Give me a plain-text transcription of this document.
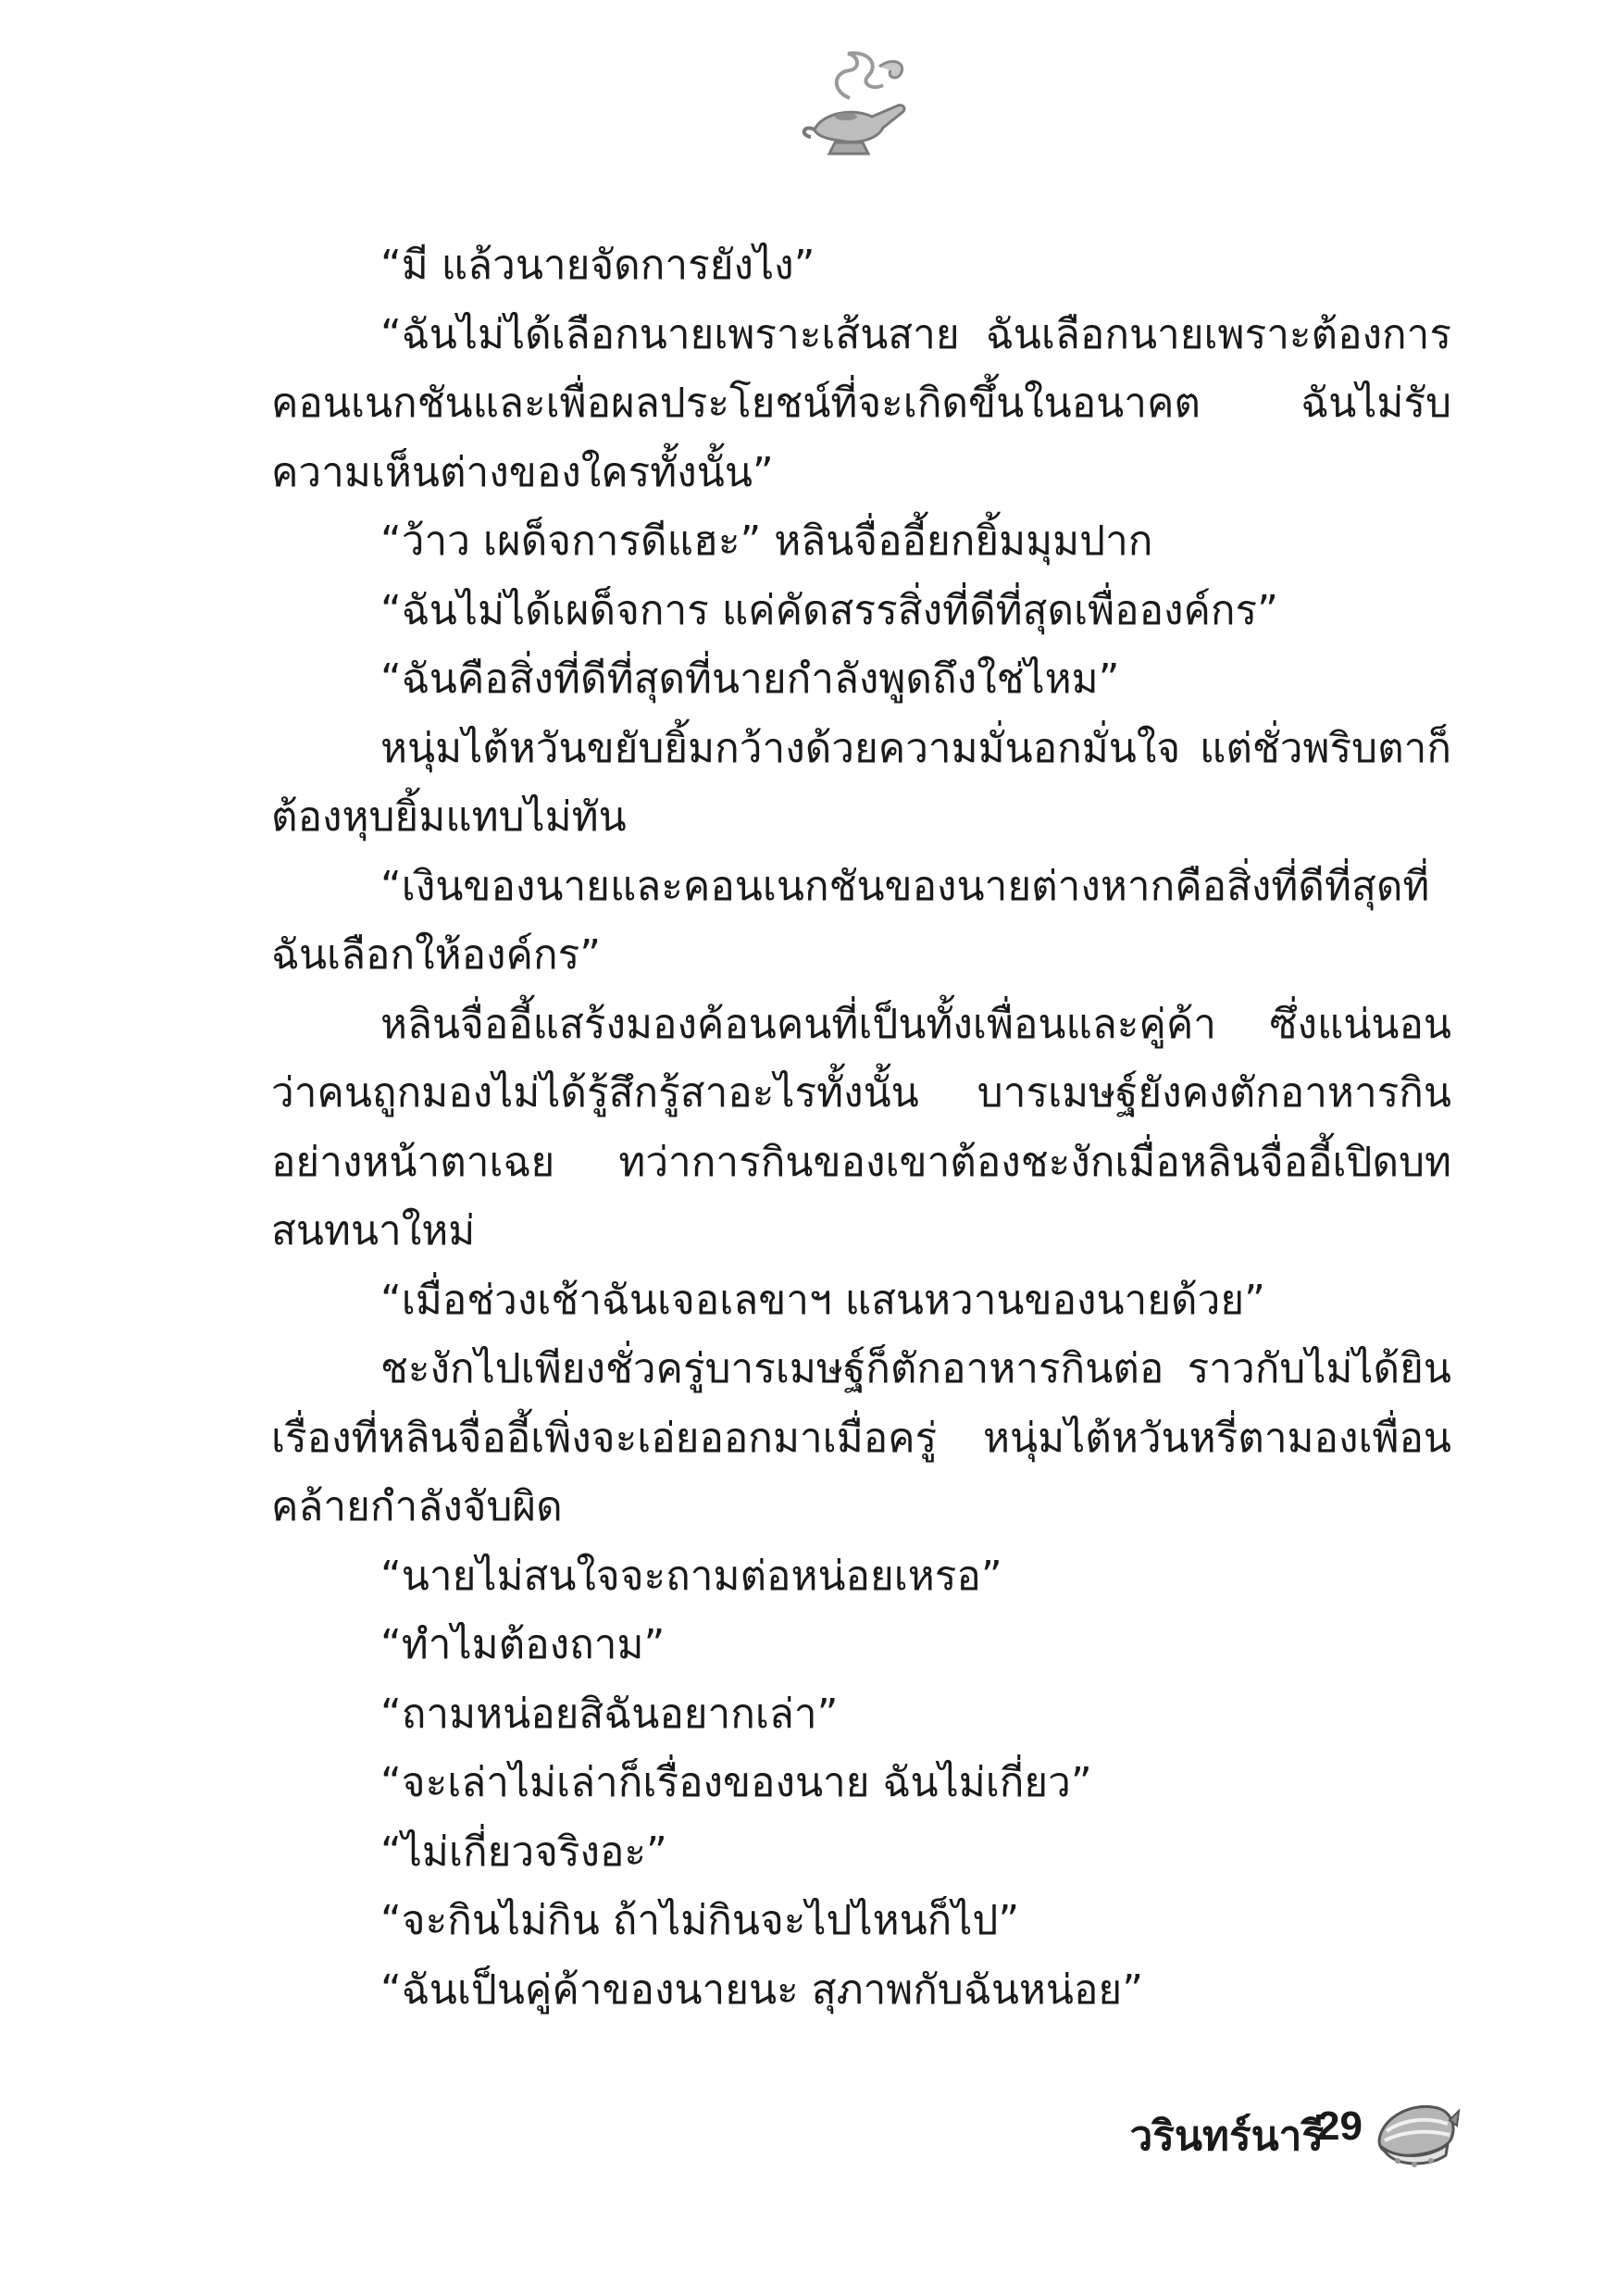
“มี แล้วนายจัดการยังไง”

“ฉันไม่ได้เลือกนายเพราะเส้นสาย ฉันเลือกนายเพราะต้องการคอนเนกชันและเพื่อผลประโยชน์ที่จะเกิดขึ้นในอนาคต ฉันไม่รับความเห็นต่างของใครทั้งนั้น”

“ว้าว เผด็จการดีแฮะ” หลินจื่ออี้ยกยิ้มมุมปาก

“ฉันไม่ได้เผด็จการ แค่คัดสรรสิ่งที่ดีที่สุดเพื่อองค์กร”

“ฉันคือสิ่งที่ดีที่สุดที่นายกำลังพูดถึงใช่ไหม”

หนุ่มไต้หวันขยับยิ้มกว้างด้วยความมั่นอกมั่นใจ แต่ชั่วพริบตาก็ต้องหุบยิ้มแทบไม่ทัน

“เงินของนายและคอนเนกชันของนายต่างหากคือสิ่งที่ดีที่สุดที่ฉันเลือกให้องค์กร”

หลินจื่ออี้แสร้งมองค้อนคนที่เป็นทั้งเพื่อนและคู่ค้า ซึ่งแน่นอนว่าคนถูกมองไม่ได้รู้สึกรู้สาอะไรทั้งนั้น บารเมษฐ์ยังคงตักอาหารกินอย่างหน้าตาเฉย ทว่าการกินของเขาต้องชะงักเมื่อหลินจื่ออี้เปิดบทสนทนาใหม่

“เมื่อช่วงเช้าฉันเจอเลขาฯ แสนหวานของนายด้วย”

ชะงักไปเพียงชั่วครู่บารเมษฐ์ก็ตักอาหารกินต่อ ราวกับไม่ได้ยินเรื่องที่หลินจื่ออี้เพิ่งจะเอ่ยออกมาเมื่อครู่ หนุ่มไต้หวันหรี่ตามองเพื่อนคล้ายกำลังจับผิด

“นายไม่สนใจจะถามต่อหน่อยเหรอ”

“ทำไมต้องถาม”

“ถามหน่อยสิฉันอยากเล่า”

“จะเล่าไม่เล่าก็เรื่องของนาย ฉันไม่เกี่ยว”

“ไม่เกี่ยวจริงอะ”

“จะกินไม่กิน ถ้าไม่กินจะไปไหนก็ไป”

“ฉันเป็นคู่ค้าของนายนะ สุภาพกับฉันหน่อย”

วรินทร์นารี
29
